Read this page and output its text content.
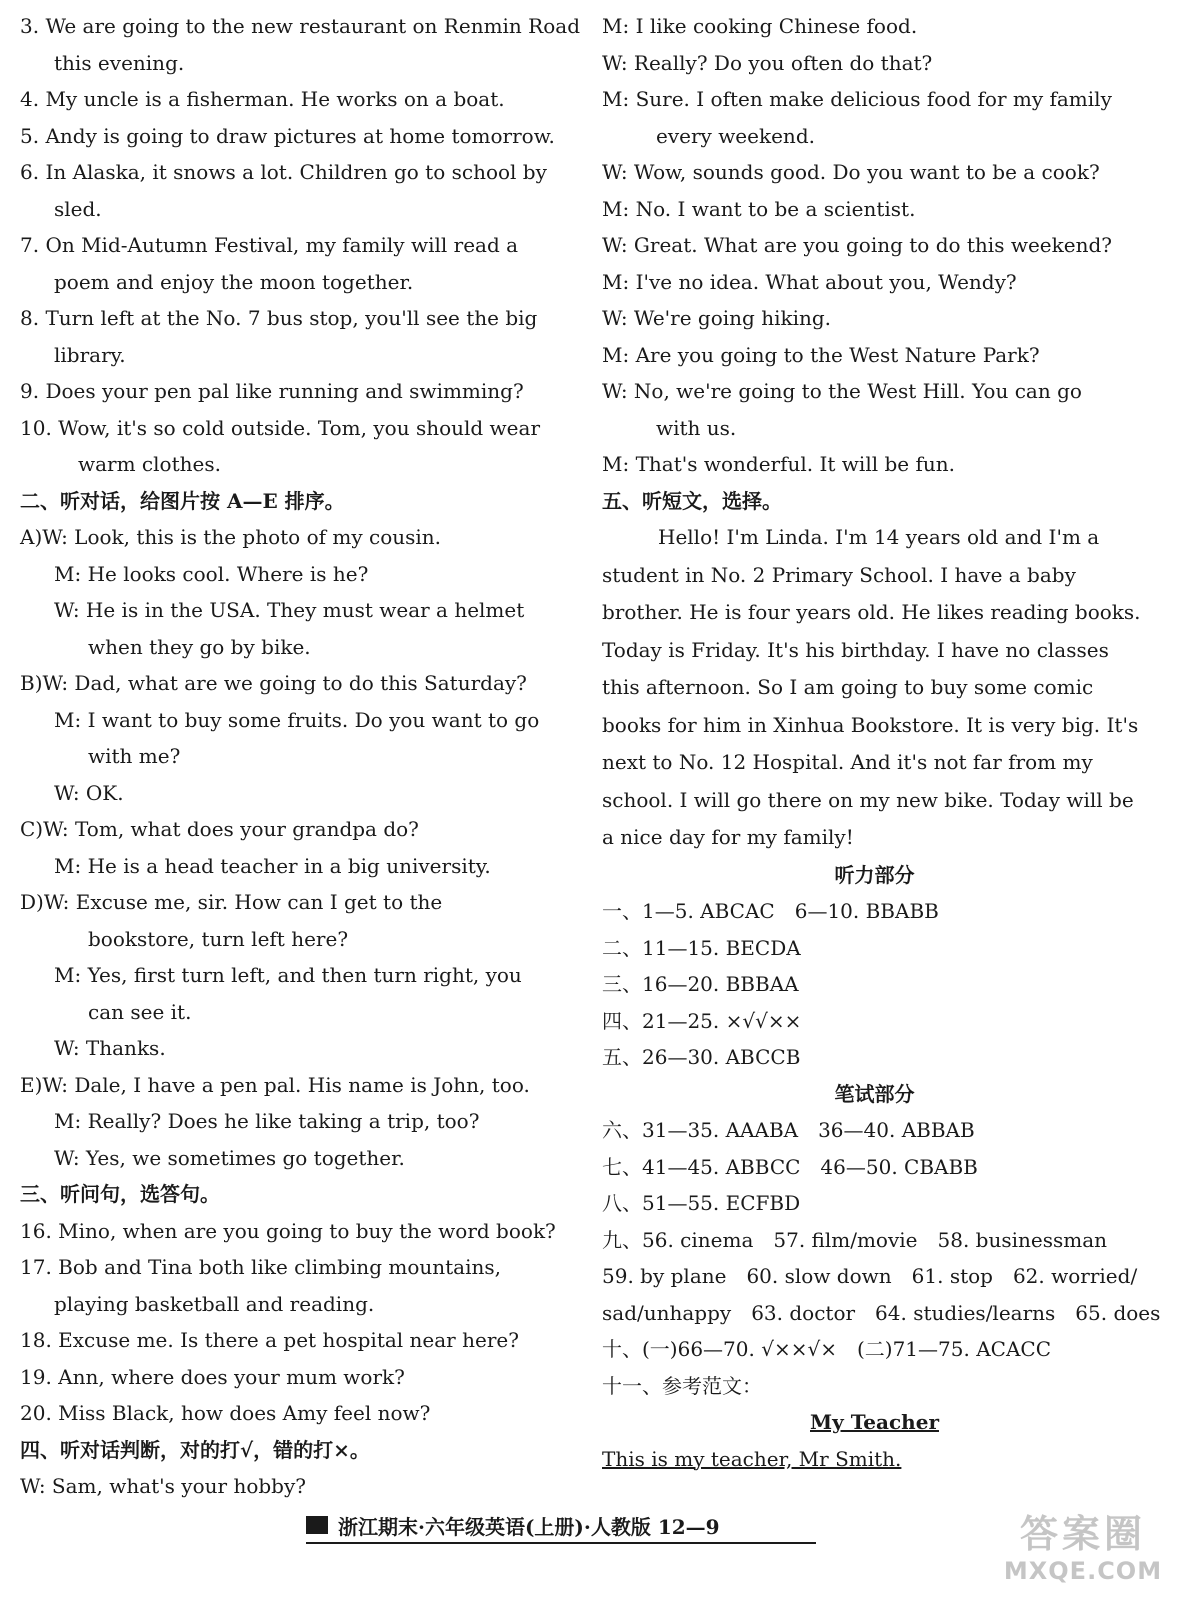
3. We are going to the new restaurant on Renmin Road
this evening.
4. My uncle is a fisherman. He works on a boat.
5. Andy is going to draw pictures at home tomorrow.
6. In Alaska, it snows a lot. Children go to school by
sled.
7. On Mid-Autumn Festival, my family will read a
poem and enjoy the moon together.
8. Turn left at the No. 7 bus stop, you'll see the big
library.
9. Does your pen pal like running and swimming?
10. Wow, it's so cold outside. Tom, you should wear
warm clothes.
二、听对话，给图片按 A—E 排序。
A)W: Look, this is the photo of my cousin.
M: He looks cool. Where is he?
W: He is in the USA. They must wear a helmet
when they go by bike.
B)W: Dad, what are we going to do this Saturday?
M: I want to buy some fruits. Do you want to go
with me?
W: OK.
C)W: Tom, what does your grandpa do?
M: He is a head teacher in a big university.
D)W: Excuse me, sir. How can I get to the
bookstore, turn left here?
M: Yes, first turn left, and then turn right, you
can see it.
W: Thanks.
E)W: Dale, I have a pen pal. His name is John, too.
M: Really? Does he like taking a trip, too?
W: Yes, we sometimes go together.
三、听问句，选答句。
16. Mino, when are you going to buy the word book?
17. Bob and Tina both like climbing mountains,
playing basketball and reading.
18. Excuse me. Is there a pet hospital near here?
19. Ann, where does your mum work?
20. Miss Black, how does Amy feel now?
四、听对话判断，对的打√，错的打×。
W: Sam, what's your hobby?
M: I like cooking Chinese food.
W: Really? Do you often do that?
M: Sure. I often make delicious food for my family
every weekend.
W: Wow, sounds good. Do you want to be a cook?
M: No. I want to be a scientist.
W: Great. What are you going to do this weekend?
M: I've no idea. What about you, Wendy?
W: We're going hiking.
M: Are you going to the West Nature Park?
W: No, we're going to the West Hill. You can go
with us.
M: That's wonderful. It will be fun.
五、听短文，选择。
Hello! I'm Linda. I'm 14 years old and I'm a student in No. 2 Primary School. I have a baby brother. He is four years old. He likes reading books. Today is Friday. It's his birthday. I have no classes this afternoon. So I am going to buy some comic books for him in Xinhua Bookstore. It is very big. It's next to No. 12 Hospital. And it's not far from my school. I will go there on my new bike. Today will be a nice day for my family!
听力部分
一、1—5. ABCAC　6—10. BBABB
二、11—15. BECDA
三、16—20. BBBAA
四、21—25. ×√√××
五、26—30. ABCCB
笔试部分
六、31—35. AAABA　36—40. ABBAB
七、41—45. ABBCC　46—50. CBABB
八、51—55. ECFBD
九、56. cinema　57. film/movie　58. businessman
59. by plane　60. slow down　61. stop　62. worried/
sad/unhappy　63. doctor　64. studies/learns　65. does
十、(一)66—70. √××√×　(二)71—75. ACACC
十一、参考范文：
My Teacher
This is my teacher, Mr Smith.
浙江期末·六年级英语(上册)·人教版 12—9	答案圈
MXQE.COM
